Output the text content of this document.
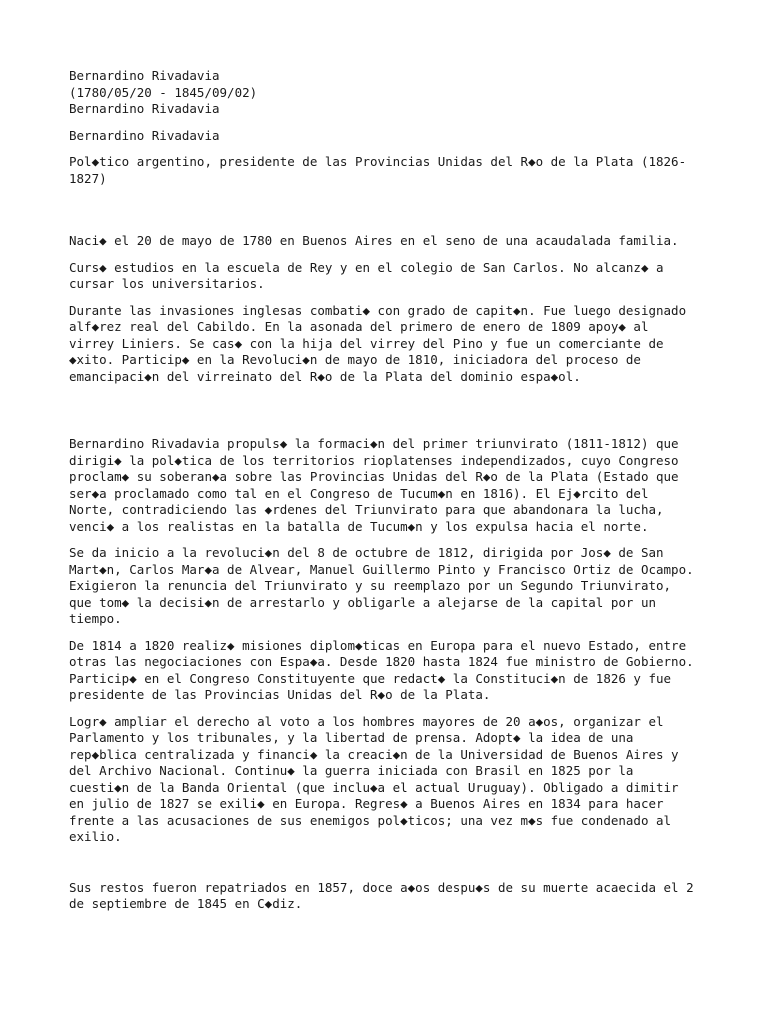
Bernardino Rivadavia
(1780/05/20 - 1845/09/02)
Bernardino Rivadavia
Bernardino Rivadavia
Pol◆tico argentino, presidente de las Provincias Unidas del R◆o de la Plata (1826-
1827)
Naci◆ el 20 de mayo de 1780 en Buenos Aires en el seno de una acaudalada familia.
Curs◆ estudios en la escuela de Rey y en el colegio de San Carlos. No alcanz◆ a
cursar los universitarios.
Durante las invasiones inglesas combati◆ con grado de capit◆n. Fue luego designado
alf◆rez real del Cabildo. En la asonada del primero de enero de 1809 apoy◆ al
virrey Liniers. Se cas◆ con la hija del virrey del Pino y fue un comerciante de
◆xito. Particip◆ en la Revoluci◆n de mayo de 1810, iniciadora del proceso de
emancipaci◆n del virreinato del R◆o de la Plata del dominio espa◆ol.
Bernardino Rivadavia propuls◆ la formaci◆n del primer triunvirato (1811-1812) que
dirigi◆ la pol◆tica de los territorios rioplatenses independizados, cuyo Congreso
proclam◆ su soberan◆a sobre las Provincias Unidas del R◆o de la Plata (Estado que
ser◆a proclamado como tal en el Congreso de Tucum◆n en 1816). El Ej◆rcito del
Norte, contradiciendo las ◆rdenes del Triunvirato para que abandonara la lucha,
venci◆ a los realistas en la batalla de Tucum◆n y los expulsa hacia el norte.
Se da inicio a la revoluci◆n del 8 de octubre de 1812, dirigida por Jos◆ de San
Mart◆n, Carlos Mar◆a de Alvear, Manuel Guillermo Pinto y Francisco Ortiz de Ocampo.
Exigieron la renuncia del Triunvirato y su reemplazo por un Segundo Triunvirato,
que tom◆ la decisi◆n de arrestarlo y obligarle a alejarse de la capital por un
tiempo.
De 1814 a 1820 realiz◆ misiones diplom◆ticas en Europa para el nuevo Estado, entre
otras las negociaciones con Espa◆a. Desde 1820 hasta 1824 fue ministro de Gobierno.
Particip◆ en el Congreso Constituyente que redact◆ la Constituci◆n de 1826 y fue
presidente de las Provincias Unidas del R◆o de la Plata.
Logr◆ ampliar el derecho al voto a los hombres mayores de 20 a◆os, organizar el
Parlamento y los tribunales, y la libertad de prensa. Adopt◆ la idea de una
rep◆blica centralizada y financi◆ la creaci◆n de la Universidad de Buenos Aires y
del Archivo Nacional. Continu◆ la guerra iniciada con Brasil en 1825 por la
cuesti◆n de la Banda Oriental (que inclu◆a el actual Uruguay). Obligado a dimitir
en julio de 1827 se exili◆ en Europa. Regres◆ a Buenos Aires en 1834 para hacer
frente a las acusaciones de sus enemigos pol◆ticos; una vez m◆s fue condenado al
exilio.
Sus restos fueron repatriados en 1857, doce a◆os despu◆s de su muerte acaecida el 2
de septiembre de 1845 en C◆diz.
